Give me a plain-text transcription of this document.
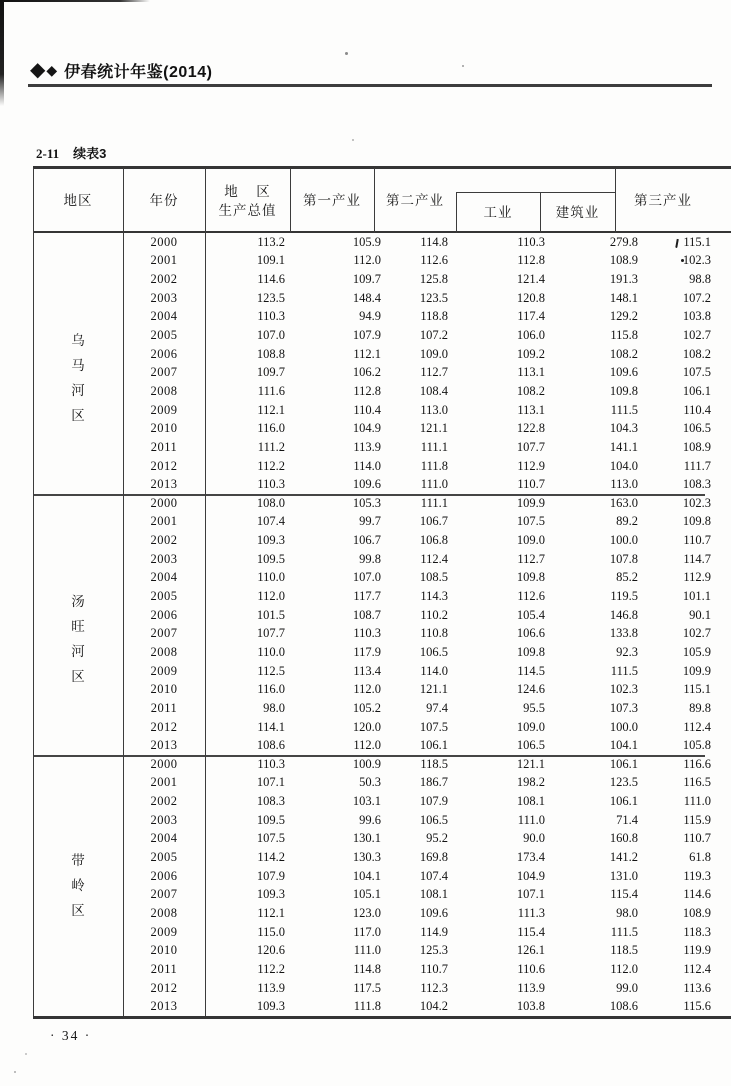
◆ ◆ 伊春统计年鉴(2014)
2-11 续表3
地区	年份
地    区
生产总值
第一产业	第二产业
工业	建筑业
第三产业
乌
马
河
区
2000	113.2	105.9	114.8	110.3	279.8	115.1
2001	109.1	112.0	112.6	112.8	108.9	102.3
2002	114.6	109.7	125.8	121.4	191.3	98.8
2003	123.5	148.4	123.5	120.8	148.1	107.2
2004	110.3	94.9	118.8	117.4	129.2	103.8
2005	107.0	107.9	107.2	106.0	115.8	102.7
2006	108.8	112.1	109.0	109.2	108.2	108.2
2007	109.7	106.2	112.7	113.1	109.6	107.5
2008	111.6	112.8	108.4	108.2	109.8	106.1
2009	112.1	110.4	113.0	113.1	111.5	110.4
2010	116.0	104.9	121.1	122.8	104.3	106.5
2011	111.2	113.9	111.1	107.7	141.1	108.9
2012	112.2	114.0	111.8	112.9	104.0	111.7
2013	110.3	109.6	111.0	110.7	113.0	108.3
汤
旺
河
区
2000	108.0	105.3	111.1	109.9	163.0	102.3
2001	107.4	99.7	106.7	107.5	89.2	109.8
2002	109.3	106.7	106.8	109.0	100.0	110.7
2003	109.5	99.8	112.4	112.7	107.8	114.7
2004	110.0	107.0	108.5	109.8	85.2	112.9
2005	112.0	117.7	114.3	112.6	119.5	101.1
2006	101.5	108.7	110.2	105.4	146.8	90.1
2007	107.7	110.3	110.8	106.6	133.8	102.7
2008	110.0	117.9	106.5	109.8	92.3	105.9
2009	112.5	113.4	114.0	114.5	111.5	109.9
2010	116.0	112.0	121.1	124.6	102.3	115.1
2011	98.0	105.2	97.4	95.5	107.3	89.8
2012	114.1	120.0	107.5	109.0	100.0	112.4
2013	108.6	112.0	106.1	106.5	104.1	105.8
带
岭
区
2000	110.3	100.9	118.5	121.1	106.1	116.6
2001	107.1	50.3	186.7	198.2	123.5	116.5
2002	108.3	103.1	107.9	108.1	106.1	111.0
2003	109.5	99.6	106.5	111.0	71.4	115.9
2004	107.5	130.1	95.2	90.0	160.8	110.7
2005	114.2	130.3	169.8	173.4	141.2	61.8
2006	107.9	104.1	107.4	104.9	131.0	119.3
2007	109.3	105.1	108.1	107.1	115.4	114.6
2008	112.1	123.0	109.6	111.3	98.0	108.9
2009	115.0	117.0	114.9	115.4	111.5	118.3
2010	120.6	111.0	125.3	126.1	118.5	119.9
2011	112.2	114.8	110.7	110.6	112.0	112.4
2012	113.9	117.5	112.3	113.9	99.0	113.6
2013	109.3	111.8	104.2	103.8	108.6	115.6
· 34 ·
